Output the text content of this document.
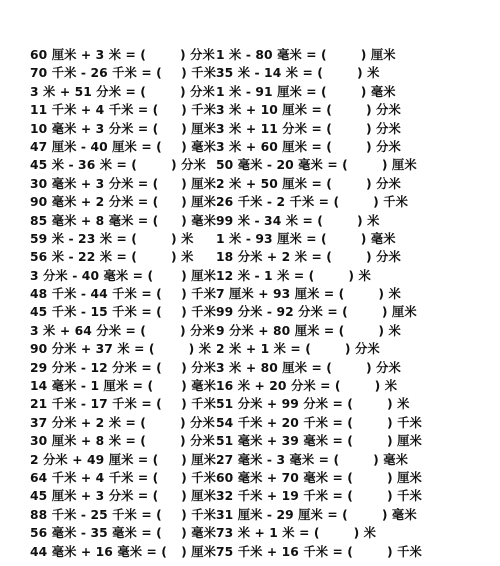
60 厘米 + 3 米 = (	) 分米 1 米 - 80 毫米 = (	) 厘米
70 千米 - 26 千米 = ( ) 千米 35 米 - 14 米 = (	) 米
3 米 + 51 分米 = (	) 分米 1 米 - 91 厘米 = (	) 毫米
11 千米 + 4 千米 = ( ) 千米 3 米 + 10 厘米 = (	) 分米
10 毫米 + 3 分米 = ( ) 厘米 3 米 + 11 分米 = (	) 分米
47 厘米 - 40 厘米 = ( ) 毫米 3 米 + 60 厘米 = (	) 分米
45 米 - 36 米 = (	) 分米 50 毫米 - 20 毫米 = (	) 厘米
30 毫米 + 3 分米 = ( ) 厘米 2 米 + 50 厘米 = (	) 分米
90 毫米 + 2 分米 = ( ) 厘米 26 千米 - 2 千米 = (	) 千米
85 毫米 + 8 毫米 = ( ) 毫米 99 米 - 34 米 = (	) 米
59 米 - 23 米 = (	) 米 1 米 - 93 厘米 = (	) 毫米
56 米 - 22 米 = (	) 米 18 分米 + 2 米 = (	) 分米
3 分米 - 40 毫米 = ( ) 厘米 12 米 - 1 米 = (	) 米
48 千米 - 44 千米 = ( ) 千米 7 厘米 + 93 厘米 = (	) 米
45 千米 - 15 千米 = ( ) 千米 99 分米 - 92 分米 = (	) 厘米
3 米 + 64 分米 = (	) 分米 9 分米 + 80 厘米 = (	) 米
90 分米 + 37 米 = (	) 米 2 米 + 1 米 = (	) 分米
29 分米 - 12 分米 = ( ) 分米 3 米 + 80 厘米 = (	) 分米
14 毫米 - 1 厘米 = ( ) 毫米 16 米 + 20 分米 = (	) 米
21 千米 - 17 千米 = ( ) 千米 51 分米 + 99 分米 = (	) 米
37 分米 + 2 米 = (	) 分米 54 千米 + 20 千米 = (	) 千米
30 厘米 + 8 米 = (	) 分米 51 毫米 + 39 毫米 = (	) 厘米
2 分米 + 49 厘米 = ( ) 厘米 27 毫米 - 3 毫米 = (	) 毫米
64 千米 + 4 千米 = ( ) 千米 60 毫米 + 70 毫米 = (	) 厘米
45 厘米 + 3 分米 = ( ) 厘米 32 千米 + 19 千米 = (	) 千米
88 千米 - 25 千米 = ( ) 千米 31 厘米 - 29 厘米 = (	) 毫米
56 毫米 - 35 毫米 = ( ) 毫米 73 米 + 1 米 = (	) 米
44 毫米 + 16 毫米 = ( ) 厘米 75 千米 + 16 千米 = (	) 千米
